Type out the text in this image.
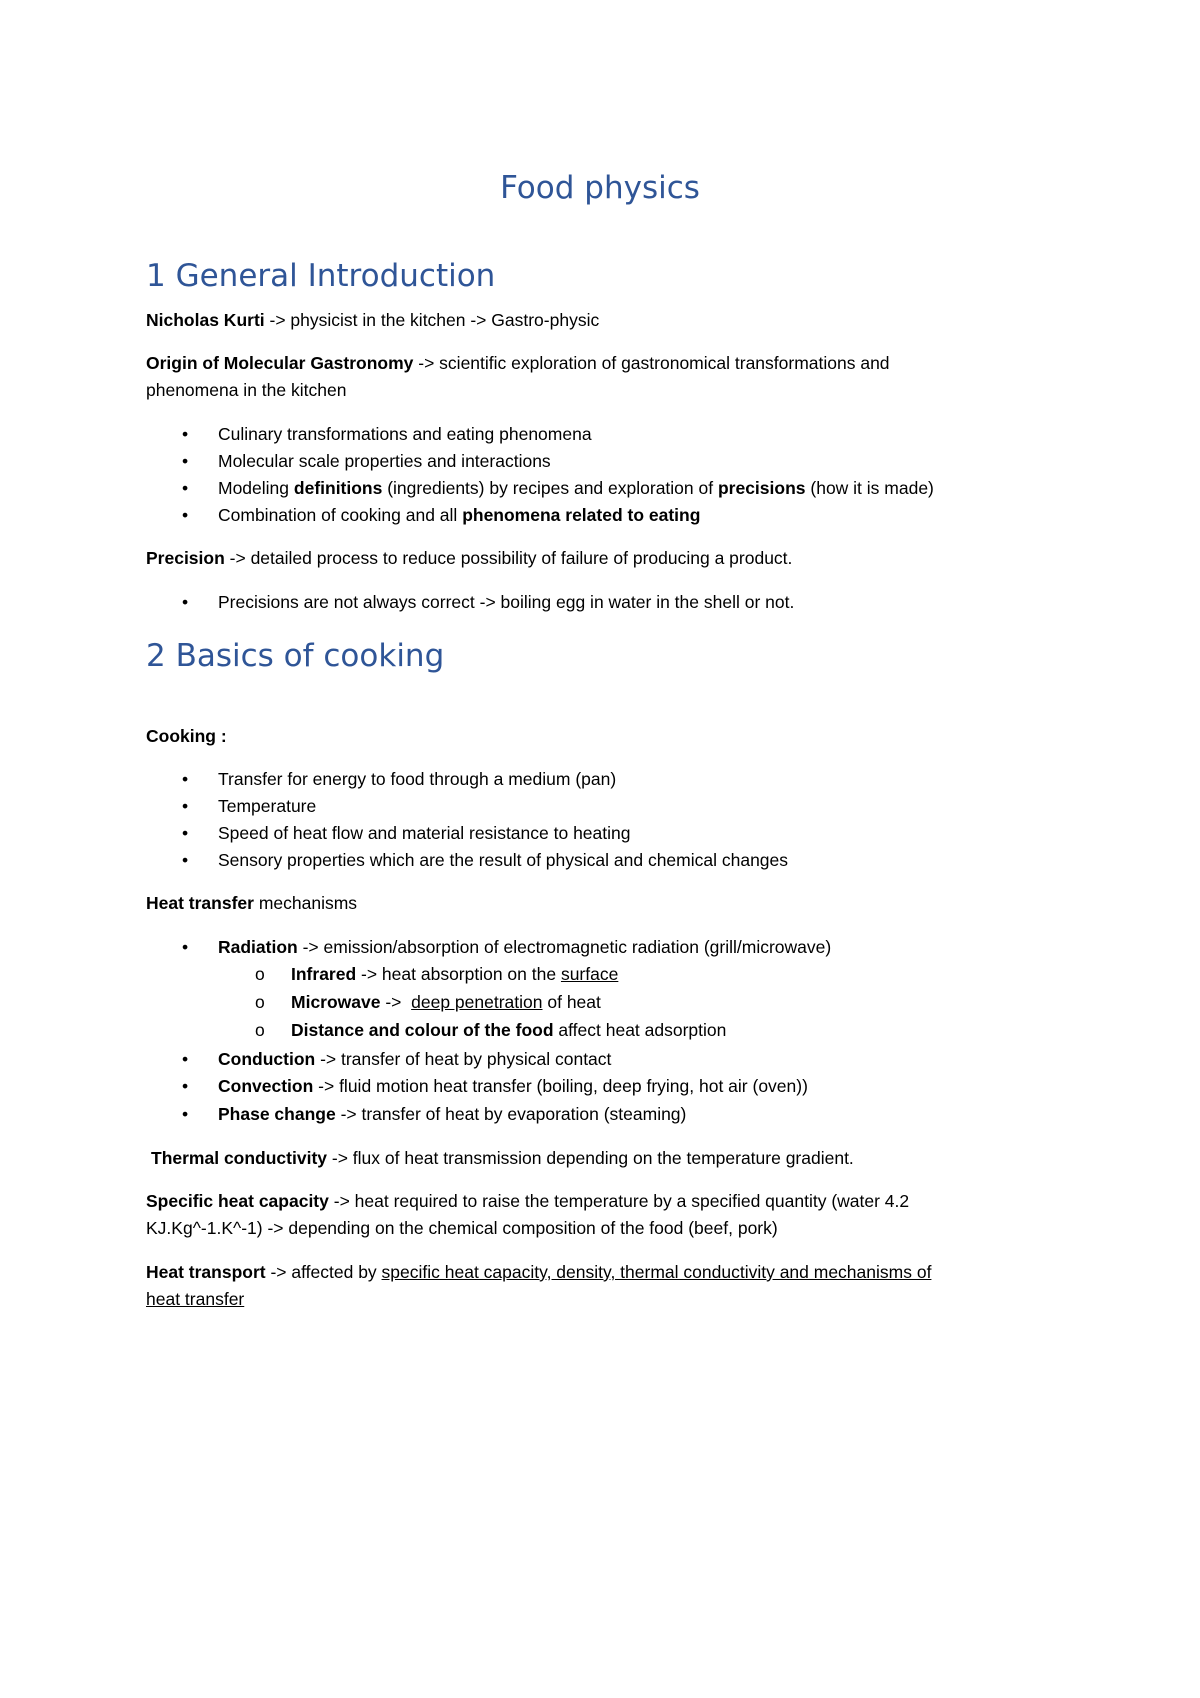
Food physics
1 General Introduction
Nicholas Kurti -> physicist in the kitchen -> Gastro-physic
Origin of Molecular Gastronomy -> scientific exploration of gastronomical transformations and
phenomena in the kitchen
• Culinary transformations and eating phenomena
• Molecular scale properties and interactions
• Modeling definitions (ingredients) by recipes and exploration of precisions (how it is made)
• Combination of cooking and all phenomena related to eating
Precision -> detailed process to reduce possibility of failure of producing a product.
• Precisions are not always correct -> boiling egg in water in the shell or not.
2 Basics of cooking
Cooking :
• Transfer for energy to food through a medium (pan)
• Temperature
• Speed of heat flow and material resistance to heating
• Sensory properties which are the result of physical and chemical changes
Heat transfer mechanisms
• Radiation -> emission/absorption of electromagnetic radiation (grill/microwave)
o Infrared -> heat absorption on the surface
o Microwave ->  deep penetration of heat
o Distance and colour of the food affect heat adsorption
• Conduction -> transfer of heat by physical contact
• Convection -> fluid motion heat transfer (boiling, deep frying, hot air (oven))
• Phase change -> transfer of heat by evaporation (steaming)
Thermal conductivity -> flux of heat transmission depending on the temperature gradient.
Specific heat capacity -> heat required to raise the temperature by a specified quantity (water 4.2
KJ.Kg^-1.K^-1) -> depending on the chemical composition of the food (beef, pork)
Heat transport -> affected by specific heat capacity, density, thermal conductivity and mechanisms of
heat transfer
